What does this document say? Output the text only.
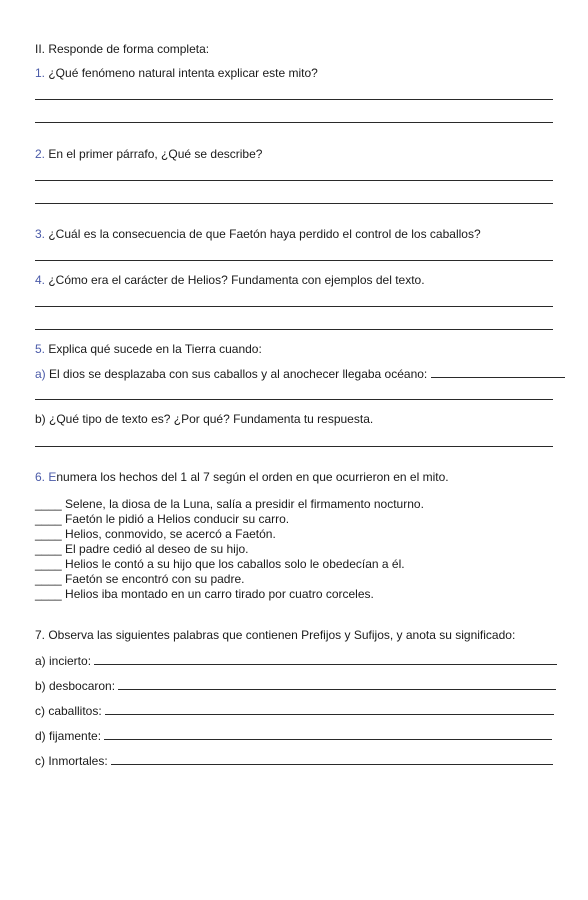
II. Responde de forma completa:
1. ¿Qué fenómeno natural intenta explicar este mito?
2. En el primer párrafo, ¿Qué se describe?
3. ¿Cuál es la consecuencia de que Faetón haya perdido el control de los caballos?
4. ¿Cómo era el carácter de Helios? Fundamenta con ejemplos del texto.
5. Explica qué sucede en la Tierra cuando:
a) El dios se desplazaba con sus caballos y al anochecer llegaba océano:
b) ¿Qué tipo de texto es? ¿Por qué? Fundamenta tu respuesta.
6. Enumera los hechos del 1 al 7 según el orden en que ocurrieron en el mito.
____ Selene, la diosa de la Luna, salía a presidir el firmamento nocturno.
____ Faetón le pidió a Helios conducir su carro.
____ Helios, conmovido, se acercó a Faetón.
____ El padre cedió al deseo de su hijo.
____ Helios le contó a su hijo que los caballos solo le obedecían a él.
____ Faetón se encontró con su padre.
____ Helios iba montado en un carro tirado por cuatro corceles.
7. Observa las siguientes palabras que contienen Prefijos y Sufijos, y anota su significado:
a) incierto:
b) desbocaron:
c) caballitos:
d) fijamente:
c) Inmortales:
